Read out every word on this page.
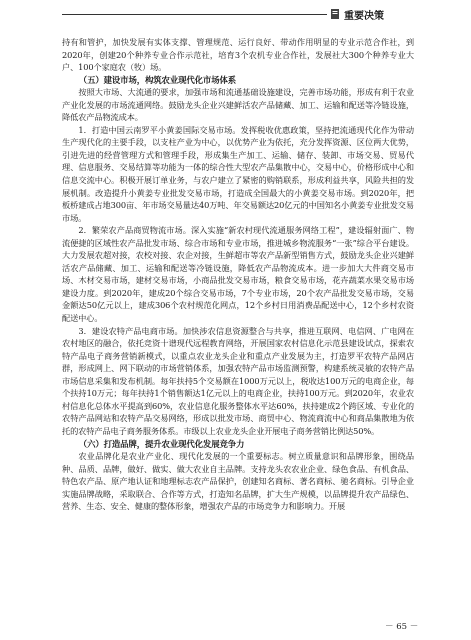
重要决策

持有和管护，加快发展有实体支撑、管理规范、运行良好、带动作用明显的专业示范合作社，到2020年，创建20个种养专业合作示范社，培育3个农机专业合作社，发展社大300个种养专业大户、100个家庭农（牧）场。

（五）建设市场，构筑农业现代化市场体系

按照大市场、大流通的要求，加强市场和流通基础设施建设，完善市场功能，形成有利于农业产业化发展的市场流通网络。鼓励龙头企业兴建鲜活农产品储藏、加工、运输和配送等冷链设施，降低农产品物流成本。

1．打造中国云南罗平小黄姜国际交易市场。发挥税收优惠政策，坚持把流通现代化作为带动生产现代化的主要手段，以支柱产业为中心，以优势产业为依托，充分发挥资源、区位两大优势，引进先进的经营管理方式和管理手段，形成集生产加工、运输、储存、装卸、市场交易、贸易代理、信息服务、交易结算等功能为一体的综合性大型农产品集散中心，交易中心，价格形成中心和信息交流中心。积极开展订单业务，与农户建立了紧密的购销联系，形成利益共享，风险共担的发展机制。改造提升小黄姜专业批发交易市场，打造成全国最大的小黄姜交易市场。到2020年，把板桥建成占地300亩、年市场交易量达40万吨、年交易额达20亿元的中国知名小黄姜专业批发交易市场。

2．繁荣农产品商贸物流市场。深入实施“新农村现代流通服务网络工程”，建设辐射面广、物流便捷的区域性农产品批发市场、综合市场和专业市场，推进城乡物流服务“一张”综合平台建设。大力发展农超对接，农校对接、农企对接，生鲜超市等农产品新型销售方式，鼓励龙头企业兴建鲜活农产品储藏、加工、运输和配送等冷链设施，降低农产品物流成本。进一步加大大件商交易市场、木材交易市场，建材交易市场，小商品批发交易市场，粮食交易市场，花卉蔬菜水果交易市场建设力度。到2020年，建成20个综合交易市场，7个专业市场，20个农产品批发交易市场，交易金额达50亿元以上，建成306个农村规范化网点，12个乡村日用消费品配送中心，12个乡村农资配送中心。

3．建设农特产品电商市场。加快涉农信息资源整合与共享，推进互联网、电信网、广电网在农村地区的融合，依托竞资十谱现代远程教育网络，开展国家农村信息化示范县建设试点，探索农特产品电子商务营销新模式，以重点农业龙头企业和重点产业发展为主，打造罗平农特产品网店群，形成网上、网下联动的市场营销体系，加强农特产品市场监测预警，构建系统灵敏的农特产品市场信息采集和发布机制。每年扶持5个交易额在1000万元以上，税收达100万元的电商企业，每个扶持10万元；每年扶持1个销售额达1亿元以上的电商企业，扶持100万元。到2020年，农业农村信息化总体水平提高到60%，农业信息化服务整体水平达60%，扶持建成2个跨区域、专业化的农特产品网站和农特产品交易网络，形成以批发市场、商贸中心、物流商流中心和商品集散地为依托的农特产品电子商务服务体系。市级以上农业龙头企业开展电子商务营销比例达50%。

（六）打造品牌，提升农业现代化发展竞争力

农业品牌化是农业产业化、现代化发展的一个重要标志。树立质量意识和品牌形象，围绕品种、品质、品牌，做好、做实、做大农业自主品牌。支持龙头农农业企业、绿色食品、有机食品、特色农产品、原产地认证和地理标志农产品保护，创建知名商标、著名商标、驰名商标。引导企业实施品牌战略，采取联合、合作等方式，打造知名品牌，扩大生产规模，以品牌提升农产品绿色、营养、生态、安全、健康的整体形象，增强农产品的市场竞争力和影响力。开展

－ 65 －
